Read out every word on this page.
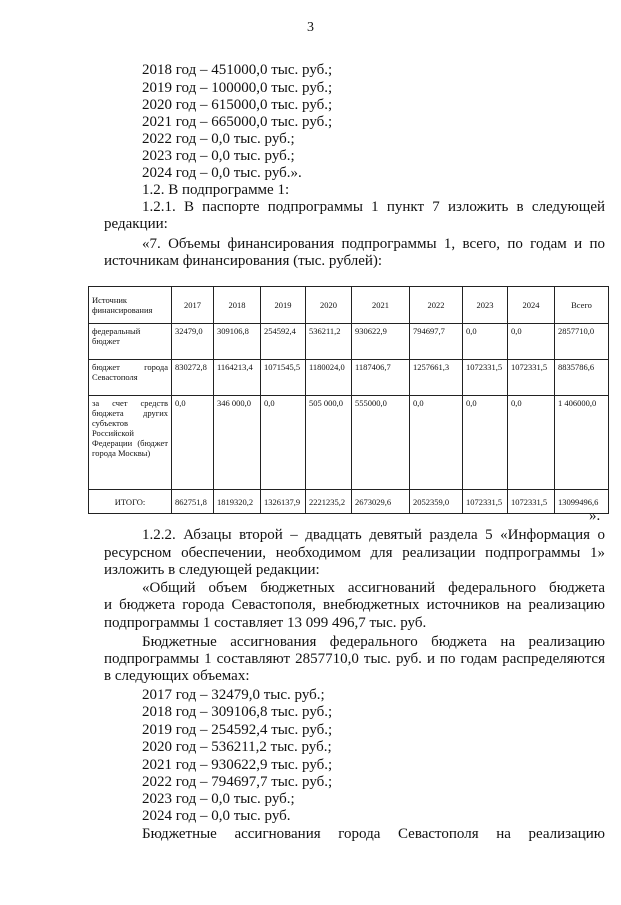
3
2018 год – 451000,0 тыс. руб.;
2019 год – 100000,0 тыс. руб.;
2020 год – 615000,0 тыс. руб.;
2021 год – 665000,0 тыс. руб.;
2022 год – 0,0 тыс. руб.;
2023 год – 0,0 тыс. руб.;
2024 год – 0,0 тыс. руб.».
1.2. В подпрограмме 1:
1.2.1. В паспорте подпрограммы 1 пункт 7 изложить в следующей
редакции:
«7. Объемы финансирования подпрограммы 1, всего, по годам и по
источникам финансирования (тыс. рублей):
Источник финансирования	2017	2018	2019	2020	2021	2022	2023	2024	Всего
федеральный бюджет	32479,0	309106,8	254592,4	536211,2	930622,9	794697,7	0,0	0,0	2857710,0
бюджет города Севастополя	830272,8	1164213,4	1071545,5	1180024,0	1187406,7	1257661,3	1072331,5	1072331,5	8835786,6
за счет средств бюджета других субъектов Российской Федерации (бюджет города Москвы)	0,0	346 000,0	0,0	505 000,0	555000,0	0,0	0,0	0,0	1 406000,0
ИТОГО:	862751,8	1819320,2	1326137,9	2221235,2	2673029,6	2052359,0	1072331,5	1072331,5	13099496,6
».
1.2.2. Абзацы второй – двадцать девятый раздела 5 «Информация о
ресурсном обеспечении, необходимом для реализации подпрограммы 1»
изложить в следующей редакции:
«Общий объем бюджетных ассигнований федерального бюджета
и бюджета города Севастополя, внебюджетных источников на реализацию
подпрограммы 1 составляет 13 099 496,7 тыс. руб.
Бюджетные ассигнования федерального бюджета на реализацию
подпрограммы 1 составляют 2857710,0 тыс. руб. и по годам распределяются
в следующих объемах:
2017 год – 32479,0 тыс. руб.;
2018 год – 309106,8 тыс. руб.;
2019 год – 254592,4 тыс. руб.;
2020 год – 536211,2 тыс. руб.;
2021 год – 930622,9 тыс. руб.;
2022 год – 794697,7 тыс. руб.;
2023 год – 0,0 тыс. руб.;
2024 год – 0,0 тыс. руб.
Бюджетные ассигнования города Севастополя на реализацию
